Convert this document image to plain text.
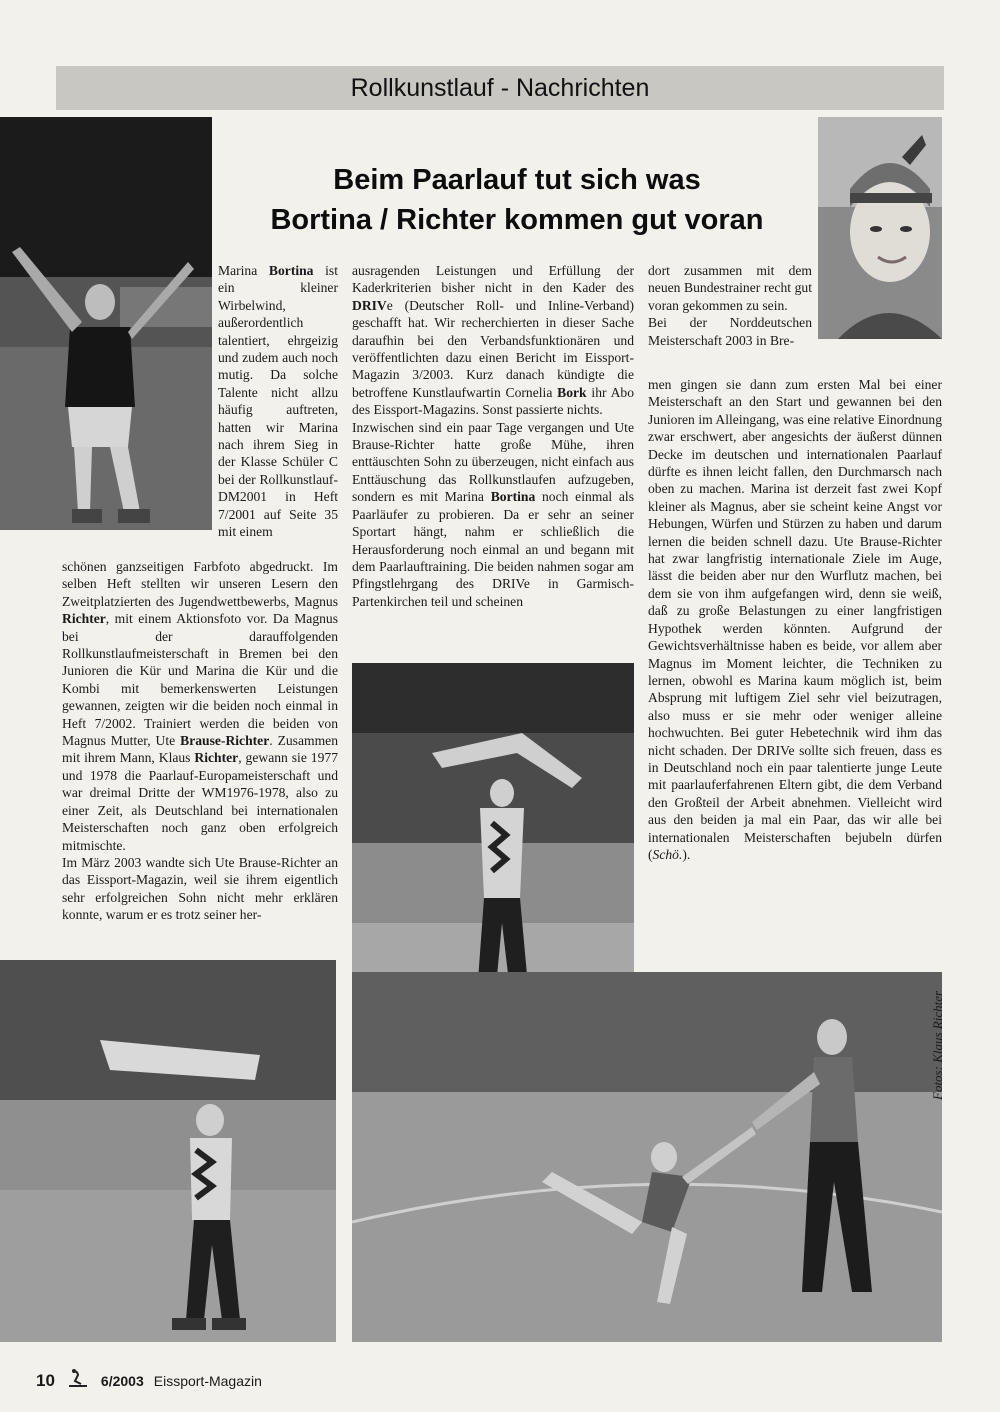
Rollkunstlauf - Nachrichten
Beim Paarlauf tut sich was
Bortina / Richter kommen gut voran

Marina Bortina ist ein kleiner Wirbelwind, außerordentlich talentiert, ehrgeizig und zudem auch noch mutig. Da solche Talente nicht allzu häufig auftreten, hatten wir Marina nach ihrem Sieg in der Klasse Schüler C bei der Rollkunstlauf-DM2001 in Heft 7/2001 auf Seite 35 mit einem

schönen ganzseitigen Farbfoto abgedruckt. Im selben Heft stellten wir unseren Lesern den Zweitplatzierten des Jugendwettbewerbs, Magnus Richter, mit einem Aktionsfoto vor. Da Magnus bei der darauffolgenden Rollkunstlaufmeisterschaft in Bremen bei den Junioren die Kür und Marina die Kür und die Kombi mit bemerkenswerten Leistungen gewannen, zeigten wir die beiden noch einmal in Heft 7/2002. Trainiert werden die beiden von Magnus Mutter, Ute Brause-Richter. Zusammen mit ihrem Mann, Klaus Richter, gewann sie 1977 und 1978 die Paarlauf-Europameisterschaft und war dreimal Dritte der WM1976-1978, also zu einer Zeit, als Deutschland bei internationalen Meisterschaften noch ganz oben erfolgreich mitmischte.

Im März 2003 wandte sich Ute Brause-Richter an das Eissport-Magazin, weil sie ihrem eigentlich sehr erfolgreichen Sohn nicht mehr erklären konnte, warum er es trotz seiner her-

ausragenden Leistungen und Erfüllung der Kaderkriterien bisher nicht in den Kader des DRIVe (Deutscher Roll- und Inline-Verband) geschafft hat. Wir recherchierten in dieser Sache daraufhin bei den Verbandsfunktionären und veröffentlichten dazu einen Bericht im Eissport-Magazin 3/2003. Kurz danach kündigte die betroffene Kunstlaufwartin Cornelia Bork ihr Abo des Eissport-Magazins. Sonst passierte nichts.

Inzwischen sind ein paar Tage vergangen und Ute Brause-Richter hatte große Mühe, ihren enttäuschten Sohn zu überzeugen, nicht einfach aus Enttäuschung das Rollkunstlaufen aufzugeben, sondern es mit Marina Bortina noch einmal als Paarläufer zu probieren. Da er sehr an seiner Sportart hängt, nahm er schließlich die Herausforderung noch einmal an und begann mit dem Paarlauftraining. Die beiden nahmen sogar am Pfingstlehrgang des DRIVe in Garmisch-Partenkirchen teil und scheinen

dort zusammen mit dem neuen Bundestrainer recht gut voran gekommen zu sein.

Bei der Norddeutschen Meisterschaft 2003 in Bre-

men gingen sie dann zum ersten Mal bei einer Meisterschaft an den Start und gewannen bei den Junioren im Alleingang, was eine relative Einordnung zwar erschwert, aber angesichts der äußerst dünnen Decke im deutschen und internationalen Paarlauf dürfte es ihnen leicht fallen, den Durchmarsch nach oben zu machen. Marina ist derzeit fast zwei Kopf kleiner als Magnus, aber sie scheint keine Angst vor Hebungen, Würfen und Stürzen zu haben und darum lernen die beiden schnell dazu. Ute Brause-Richter hat zwar langfristig internationale Ziele im Auge, lässt die beiden aber nur den Wurflutz machen, bei dem sie von ihm aufgefangen wird, denn sie weiß, daß zu große Belastungen zu einer langfristigen Hypothek werden könnten. Aufgrund der Gewichtsverhältnisse haben es beide, vor allem aber Magnus im Moment leichter, die Techniken zu lernen, obwohl es Marina kaum möglich ist, beim Absprung mit luftigem Ziel sehr viel beizutragen, also muss er sie mehr oder weniger alleine hochwuchten. Bei guter Hebetechnik wird ihm das nicht schaden. Der DRIVe sollte sich freuen, dass es in Deutschland noch ein paar talentierte junge Leute mit paarlauferfahrenen Eltern gibt, die dem Verband den Großteil der Arbeit abnehmen. Vielleicht wird aus den beiden ja mal ein Paar, das wir alle bei internationalen Meisterschaften bejubeln dürfen (Schö.).

Fotos: Klaus Richter
10	6/2003 Eissport-Magazin
